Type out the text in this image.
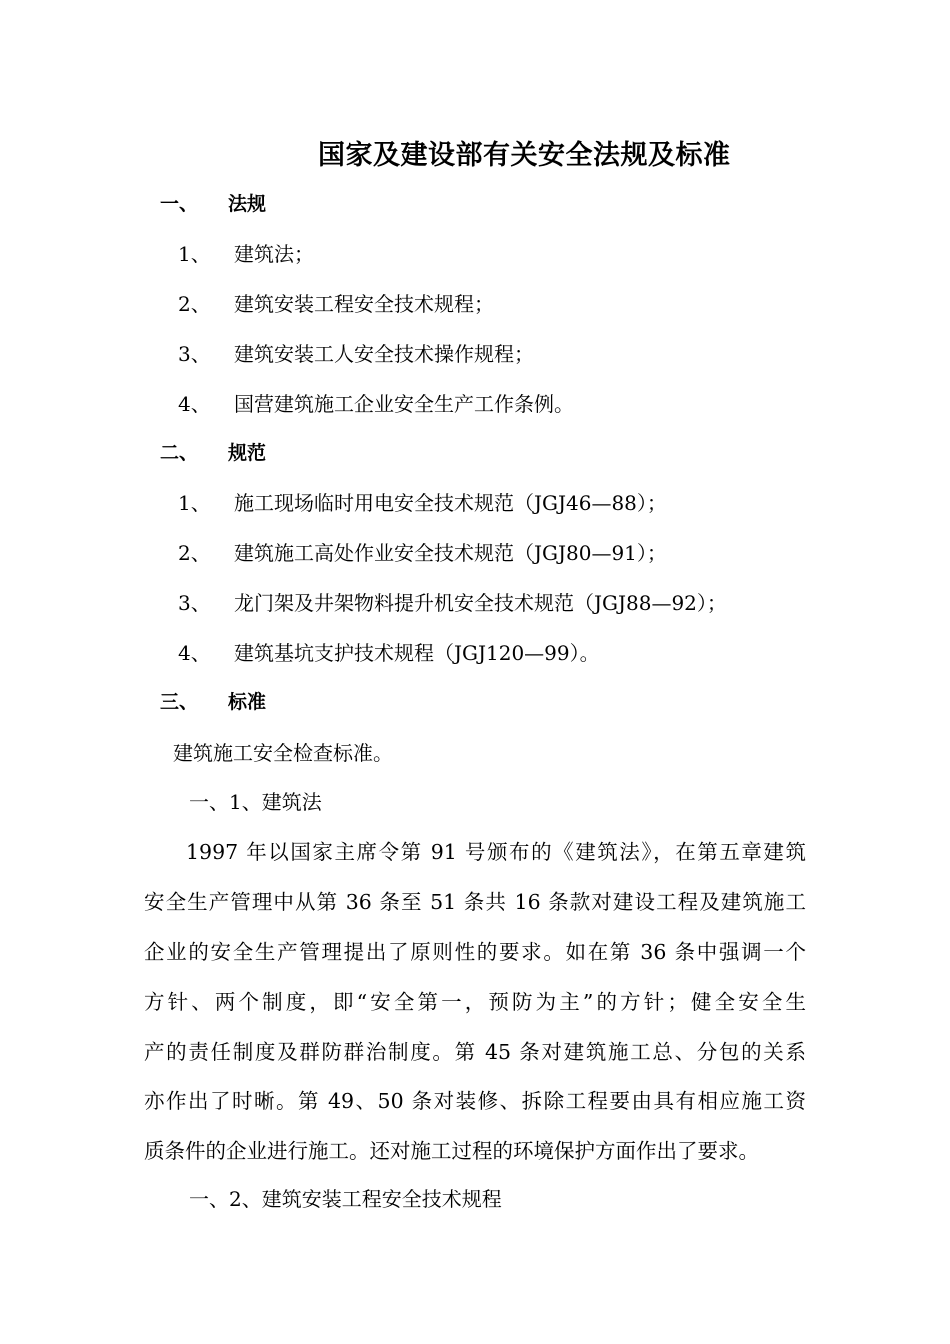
国家及建设部有关安全法规及标准
一、 法规
1、 建筑法；
2、 建筑安装工程安全技术规程；
3、 建筑安装工人安全技术操作规程；
4、 国营建筑施工企业安全生产工作条例。
二、 规范
1、 施工现场临时用电安全技术规范（JGJ46—88）；
2、 建筑施工高处作业安全技术规范（JGJ80—91）；
3、 龙门架及井架物料提升机安全技术规范（JGJ88—92）；
4、 建筑基坑支护技术规程（JGJ120—99）。
三、 标准
建筑施工安全检查标准。
一、1、建筑法
1997 年以国家主席令第 91 号颁布的《建筑法》，在第五章建筑
安全生产管理中从第 36 条至 51 条共 16 条款对建设工程及建筑施工
企业的安全生产管理提出了原则性的要求。如在第 36 条中强调一个
方针、两个制度，即“安全第一，预防为主”的方针；健全安全生
产的责任制度及群防群治制度。第 45 条对建筑施工总、分包的关系
亦作出了时晰。第 49、50 条对装修、拆除工程要由具有相应施工资
质条件的企业进行施工。还对施工过程的环境保护方面作出了要求。
一、2、建筑安装工程安全技术规程
